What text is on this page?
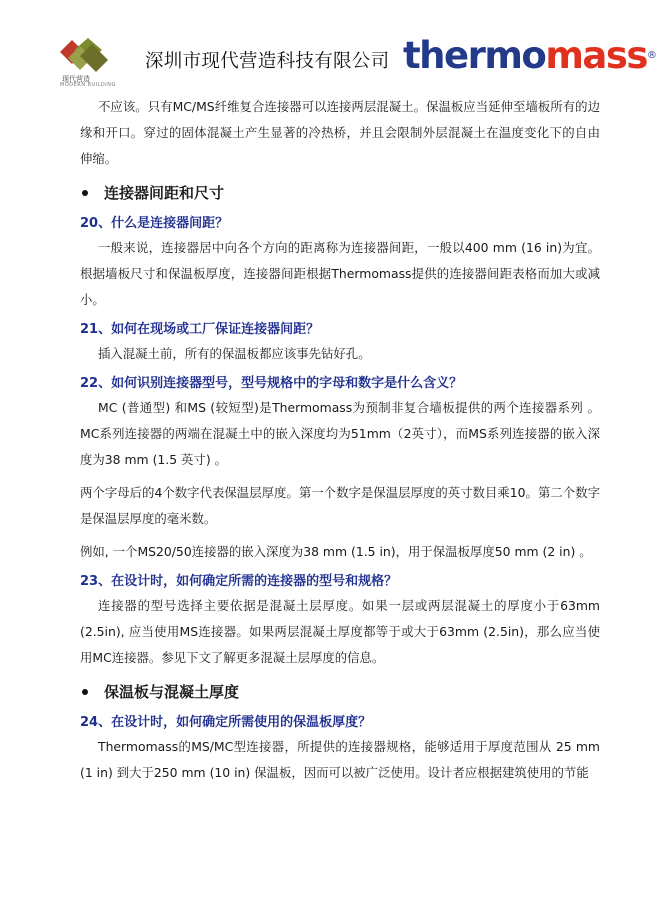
现代营造
MODERN BUILDING
深圳市现代营造科技有限公司 thermomass®

不应该。只有MC/MS纤维复合连接器可以连接两层混凝土。保温板应当延伸至墙板所有的边缘和开口。穿过的固体混凝土产生显著的冷热桥，并且会限制外层混凝土在温度变化下的自由伸缩。

连接器间距和尺寸
20、什么是连接器间距？

一般来说，连接器居中向各个方向的距离称为连接器间距，一般以400 mm (16 in)为宜。根据墙板尺寸和保温板厚度，连接器间距根据Thermomass提供的连接器间距表格而加大或减小。

21、如何在现场或工厂保证连接器间距？

插入混凝土前，所有的保温板都应该事先钻好孔。

22、如何识别连接器型号，型号规格中的字母和数字是什么含义？

MC (普通型) 和MS (较短型)是Thermomass为预制非复合墙板提供的两个连接器系列 。MC系列连接器的两端在混凝土中的嵌入深度均为51mm（2英寸），而MS系列连接器的嵌入深度为38 mm (1.5 英寸) 。

两个字母后的4个数字代表保温层厚度。第一个数字是保温层厚度的英寸数目乘10。第二个数字是保温层厚度的毫米数。

例如, 一个MS20/50连接器的嵌入深度为38 mm (1.5 in)，用于保温板厚度50 mm (2 in) 。

23、在设计时，如何确定所需的连接器的型号和规格？

连接器的型号选择主要依据是混凝土层厚度。如果一层或两层混凝土的厚度小于63mm (2.5in), 应当使用MS连接器。如果两层混凝土厚度都等于或大于63mm (2.5in)，那么应当使用MC连接器。参见下文了解更多混凝土层厚度的信息。

保温板与混凝土厚度
24、在设计时，如何确定所需使用的保温板厚度？

Thermomass的MS/MC型连接器，所提供的连接器规格，能够适用于厚度范围从 25 mm (1 in) 到大于250 mm (10 in) 保温板，因而可以被广泛使用。设计者应根据建筑使用的节能
